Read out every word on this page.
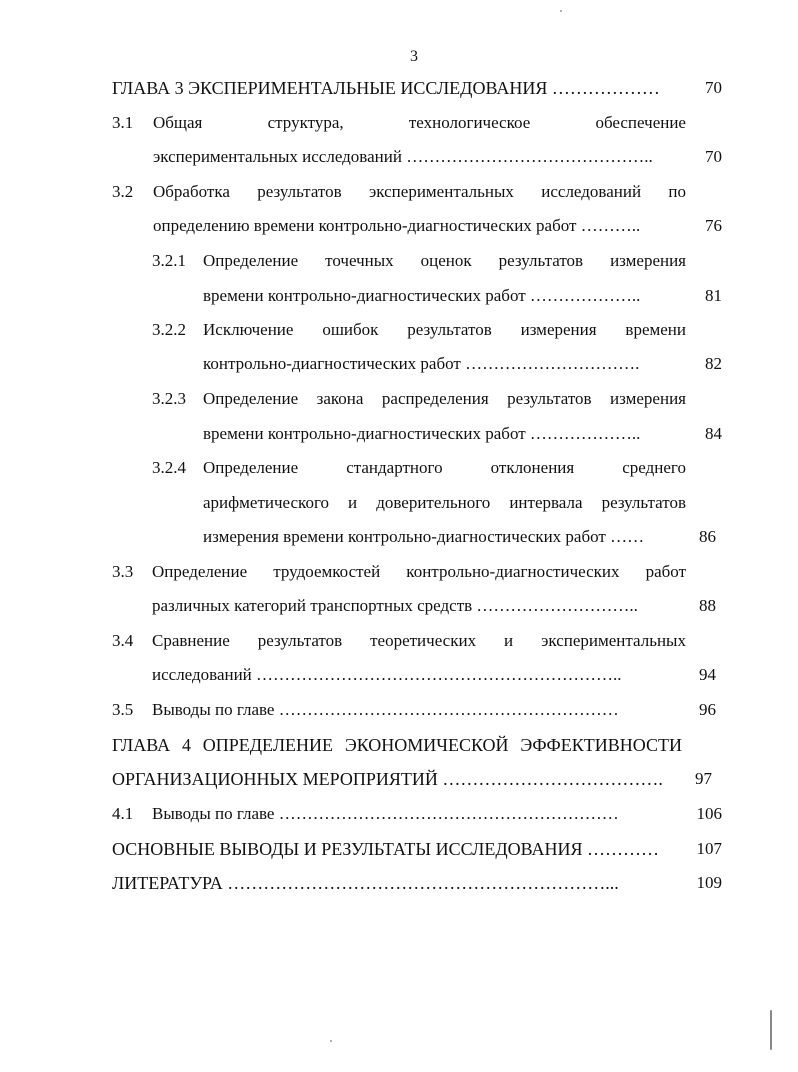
3
ГЛАВА 3 ЭКСПЕРИМЕНТАЛЬНЫЕ ИССЛЕДОВАНИЯ ………………	70
3.1 Общая	структура,	технологическое	обеспечение
экспериментальных исследований ……………………………………..	70
3.2 Обработка результатов экспериментальных исследований по
определению времени контрольно-диагностических работ ………..	76
3.2.1 Определение точечных оценок результатов измерения
времени контрольно-диагностических работ ………………..	81
3.2.2 Исключение ошибок результатов измерения времени
контрольно-диагностических работ ………………………….	82
3.2.3 Определение закона распределения результатов измерения
времени контрольно-диагностических работ ………………..	84
3.2.4 Определение	стандартного	отклонения	среднего
арифметического и доверительного интервала результатов
измерения времени контрольно-диагностических работ ……	86
3.3 Определение трудоемкостей контрольно-диагностических работ
различных категорий транспортных средств ………………………..	88
3.4 Сравнение результатов теоретических и экспериментальных
исследований ………………………………………………………..	94
3.5 Выводы по главе ……………………………………………………	96
ГЛАВА 4 ОПРЕДЕЛЕНИЕ ЭКОНОМИЧЕСКОЙ ЭФФЕКТИВНОСТИ
ОРГАНИЗАЦИОННЫХ МЕРОПРИЯТИЙ ……………………………….	97
4.1 Выводы по главе ……………………………………………………	106
ОСНОВНЫЕ ВЫВОДЫ И РЕЗУЛЬТАТЫ ИССЛЕДОВАНИЯ …………	107
ЛИТЕРАТУРА ………………………………………………………...	109
